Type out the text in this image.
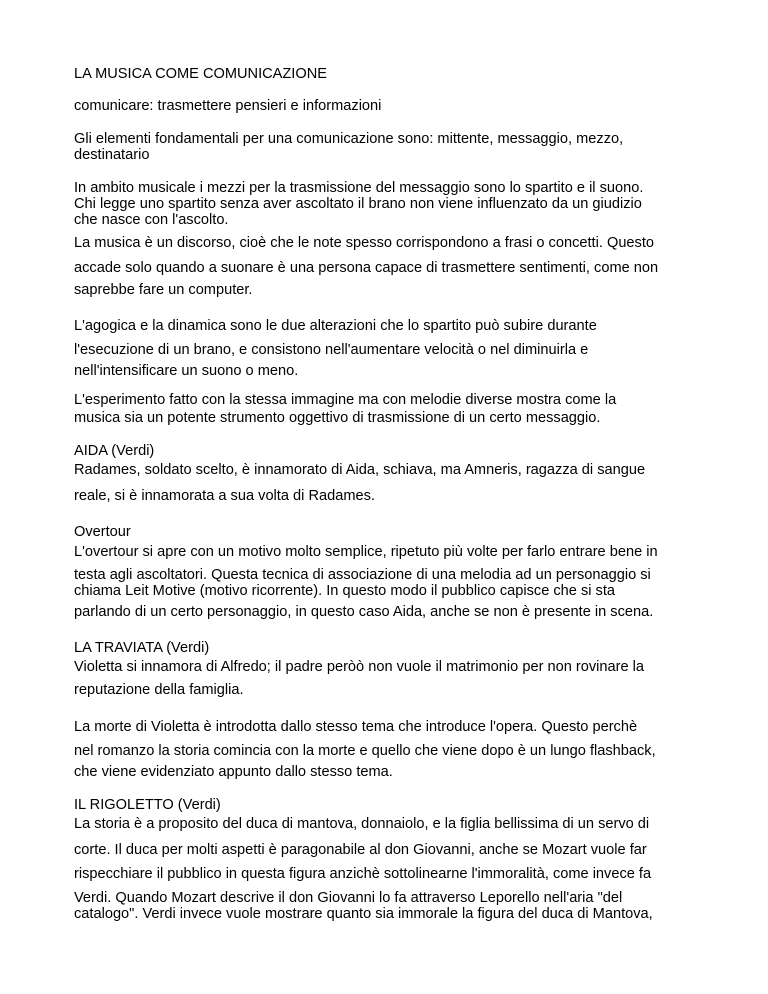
LA MUSICA COME COMUNICAZIONE
comunicare: trasmettere pensieri e informazioni
Gli elementi fondamentali per una comunicazione sono: mittente, messaggio, mezzo,
destinatario
In ambito musicale i mezzi per la trasmissione del messaggio sono lo spartito e il suono.
Chi legge uno spartito senza aver ascoltato il brano non viene influenzato da un giudizio
che nasce con l'ascolto.
La musica è un discorso, cioè che le note spesso corrispondono a frasi o concetti. Questo
accade solo quando a suonare è una persona capace di trasmettere sentimenti, come non
saprebbe fare un computer.
L'agogica e la dinamica sono le due alterazioni che lo spartito può subire durante
l'esecuzione di un brano, e consistono nell'aumentare velocità o nel diminuirla e
nell'intensificare un suono o meno.
L'esperimento fatto con la stessa immagine ma con melodie diverse mostra come la
musica sia un potente strumento oggettivo di trasmissione di un certo messaggio.
AIDA (Verdi)
Radames, soldato scelto, è innamorato di Aida, schiava, ma Amneris, ragazza di sangue
reale, si è innamorata a sua volta di Radames.
Overtour
L'overtour si apre con un motivo molto semplice, ripetuto più volte per farlo entrare bene in
testa agli ascoltatori. Questa tecnica di associazione di una melodia ad un personaggio si
chiama Leit Motive (motivo ricorrente). In questo modo il pubblico capisce che si sta
parlando di un certo personaggio, in questo caso Aida, anche se non è presente in scena.
LA TRAVIATA (Verdi)
Violetta si innamora di Alfredo; il padre peròò non vuole il matrimonio per non rovinare la
reputazione della famiglia.
La morte di Violetta è introdotta dallo stesso tema che introduce l'opera. Questo perchè
nel romanzo la storia comincia con la morte e quello che viene dopo è un lungo flashback,
che viene evidenziato appunto dallo stesso tema.
IL RIGOLETTO (Verdi)
La storia è a proposito del duca di mantova, donnaiolo, e la figlia bellissima di un servo di
corte. Il duca per molti aspetti è paragonabile al don Giovanni, anche se Mozart vuole far
rispecchiare il pubblico in questa figura anzichè sottolinearne l'immoralità, come invece fa
Verdi. Quando Mozart descrive il don Giovanni lo fa attraverso Leporello nell'aria "del
catalogo". Verdi invece vuole mostrare quanto sia immorale la figura del duca di Mantova,
